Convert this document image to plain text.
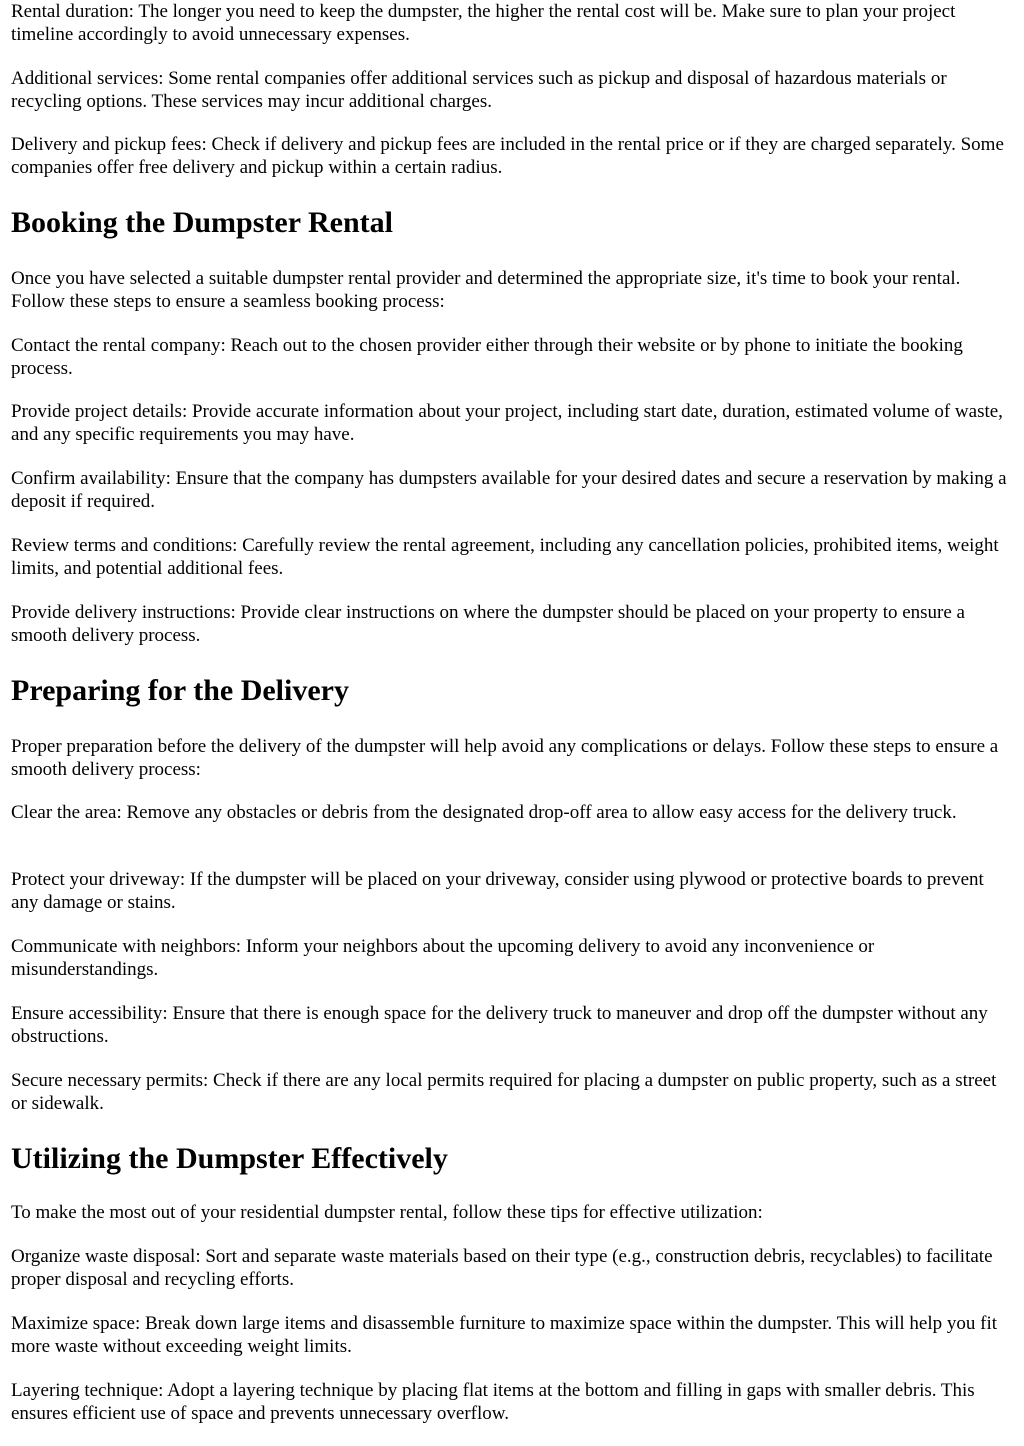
Rental duration: The longer you need to keep the dumpster, the higher the rental cost will be. Make sure to plan your project timeline accordingly to avoid unnecessary expenses.

Additional services: Some rental companies offer additional services such as pickup and disposal of hazardous materials or recycling options. These services may incur additional charges.

Delivery and pickup fees: Check if delivery and pickup fees are included in the rental price or if they are charged separately. Some companies offer free delivery and pickup within a certain radius.

Booking the Dumpster Rental

Once you have selected a suitable dumpster rental provider and determined the appropriate size, it's time to book your rental. Follow these steps to ensure a seamless booking process:

Contact the rental company: Reach out to the chosen provider either through their website or by phone to initiate the booking process.

Provide project details: Provide accurate information about your project, including start date, duration, estimated volume of waste, and any specific requirements you may have.

Confirm availability: Ensure that the company has dumpsters available for your desired dates and secure a reservation by making a deposit if required.

Review terms and conditions: Carefully review the rental agreement, including any cancellation policies, prohibited items, weight limits, and potential additional fees.

Provide delivery instructions: Provide clear instructions on where the dumpster should be placed on your property to ensure a smooth delivery process.

Preparing for the Delivery

Proper preparation before the delivery of the dumpster will help avoid any complications or delays. Follow these steps to ensure a smooth delivery process:

Clear the area: Remove any obstacles or debris from the designated drop-off area to allow easy access for the delivery truck.

Protect your driveway: If the dumpster will be placed on your driveway, consider using plywood or protective boards to prevent any damage or stains.

Communicate with neighbors: Inform your neighbors about the upcoming delivery to avoid any inconvenience or misunderstandings.

Ensure accessibility: Ensure that there is enough space for the delivery truck to maneuver and drop off the dumpster without any obstructions.

Secure necessary permits: Check if there are any local permits required for placing a dumpster on public property, such as a street or sidewalk.

Utilizing the Dumpster Effectively

To make the most out of your residential dumpster rental, follow these tips for effective utilization:

Organize waste disposal: Sort and separate waste materials based on their type (e.g., construction debris, recyclables) to facilitate proper disposal and recycling efforts.

Maximize space: Break down large items and disassemble furniture to maximize space within the dumpster. This will help you fit more waste without exceeding weight limits.

Layering technique: Adopt a layering technique by placing flat items at the bottom and filling in gaps with smaller debris. This ensures efficient use of space and prevents unnecessary overflow.
